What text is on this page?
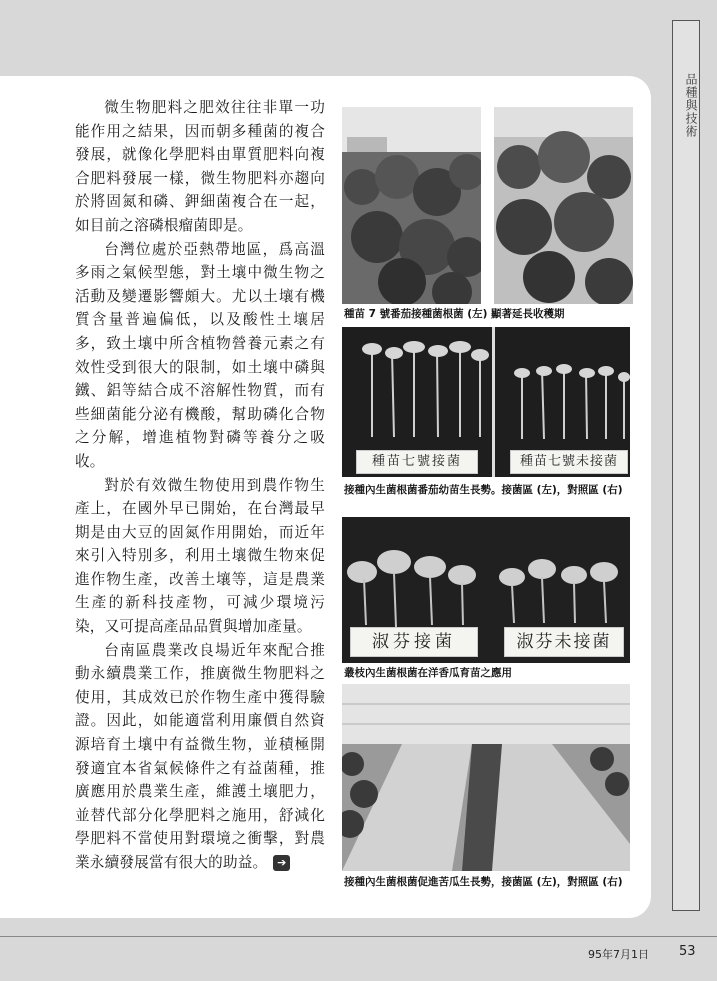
品種與技術

微生物肥料之肥效往往非單一功能作用之結果，因而朝多種菌的複合發展，就像化學肥料由單質肥料向複合肥料發展一樣，微生物肥料亦趨向於將固氮和磷、鉀細菌複合在一起，如目前之溶磷根瘤菌即是。

台灣位處於亞熱帶地區，爲高溫多雨之氣候型態，對土壤中微生物之活動及變遷影響頗大。尤以土壤有機質含量普遍偏低，以及酸性土壤居多，致土壤中所含植物營養元素之有效性受到很大的限制，如土壤中磷與鐵、鋁等結合成不溶解性物質，而有些細菌能分泌有機酸，幫助磷化合物之分解，增進植物對磷等養分之吸收。

對於有效微生物使用到農作物生產上，在國外早已開始，在台灣最早期是由大豆的固氮作用開始，而近年來引入特別多，利用土壤微生物來促進作物生產，改善土壤等，這是農業生產的新科技產物，可減少環境污染，又可提高產品品質與增加產量。

台南區農業改良場近年來配合推動永續農業工作，推廣微生物肥料之使用，其成效已於作物生產中獲得驗證。因此，如能適當利用廉價自然資源培育土壤中有益微生物，並積極開發適宜本省氣候條件之有益菌種，推廣應用於農業生產，維護土壤肥力，並替代部分化學肥料之施用，舒減化學肥料不當使用對環境之衝擊，對農業永續發展當有很大的助益。 ➔

種苗 7 號番茄接種菌根菌 (左) 顯著延長收穫期
種苗七號接菌	種苗七號未接菌
接種內生菌根菌番茄幼苗生長勢。接菌區 (左)，對照區 (右)
淑芬接菌	淑芬未接菌
叢枝內生菌根菌在洋香瓜育苗之應用
接種內生菌根菌促進苦瓜生長勢，接菌區 (左)，對照區 (右)
95年7月1日 53
